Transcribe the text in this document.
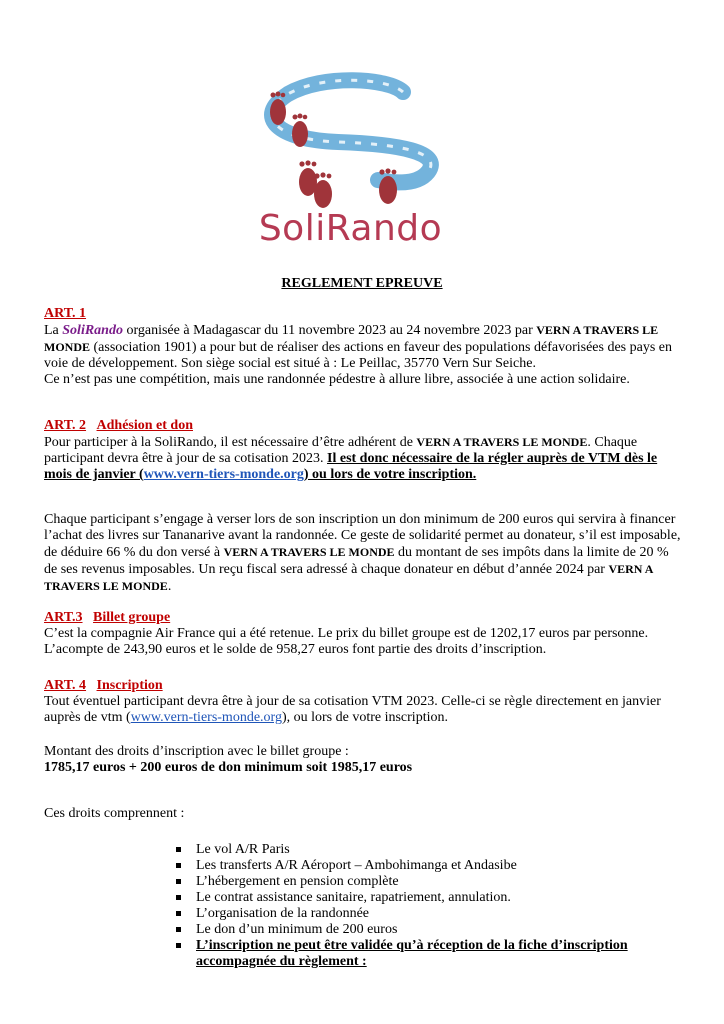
SoliRando
REGLEMENT EPREUVE
ART. 1
La SoliRando organisée à Madagascar du 11 novembre 2023 au 24 novembre 2023 par VERN A TRAVERS LE MONDE (association 1901) a pour but de réaliser des actions en faveur des populations défavorisées des pays en voie de développement. Son siège social est situé à : Le Peillac, 35770 Vern Sur Seiche.
Ce n’est pas une compétition, mais une randonnée pédestre à allure libre, associée à une action solidaire.
ART. 2 Adhésion et don
Pour participer à la SoliRando, il est nécessaire d’être adhérent de VERN A TRAVERS LE MONDE. Chaque participant devra être à jour de sa cotisation 2023. Il est donc nécessaire de la régler auprès de VTM dès le mois de janvier (www.vern-tiers-monde.org) ou lors de votre inscription.
Chaque participant s’engage à verser lors de son inscription un don minimum de 200 euros qui servira à financer l’achat des livres sur Tananarive avant la randonnée. Ce geste de solidarité permet au donateur, s’il est imposable, de déduire 66 % du don versé à VERN A TRAVERS LE MONDE du montant de ses impôts dans la limite de 20 % de ses revenus imposables. Un reçu fiscal sera adressé à chaque donateur en début d’année 2024 par VERN A TRAVERS LE MONDE.
ART.3 Billet groupe
C’est la compagnie Air France qui a été retenue. Le prix du billet groupe est de 1202,17 euros par personne. L’acompte de 243,90 euros et le solde de 958,27 euros font partie des droits d’inscription.
ART. 4 Inscription
Tout éventuel participant devra être à jour de sa cotisation VTM 2023. Celle-ci se règle directement en janvier auprès de vtm (www.vern-tiers-monde.org), ou lors de votre inscription.
Montant des droits d’inscription avec le billet groupe :
1785,17 euros + 200 euros de don minimum soit 1985,17 euros
Ces droits comprennent :
Le vol A/R Paris
Les transferts A/R Aéroport – Ambohimanga et Andasibe
L’hébergement en pension complète
Le contrat assistance sanitaire, rapatriement, annulation.
L’organisation de la randonnée
Le don d’un minimum de 200 euros
L’inscription ne peut être validée qu’à réception de la fiche d’inscription accompagnée du règlement :
